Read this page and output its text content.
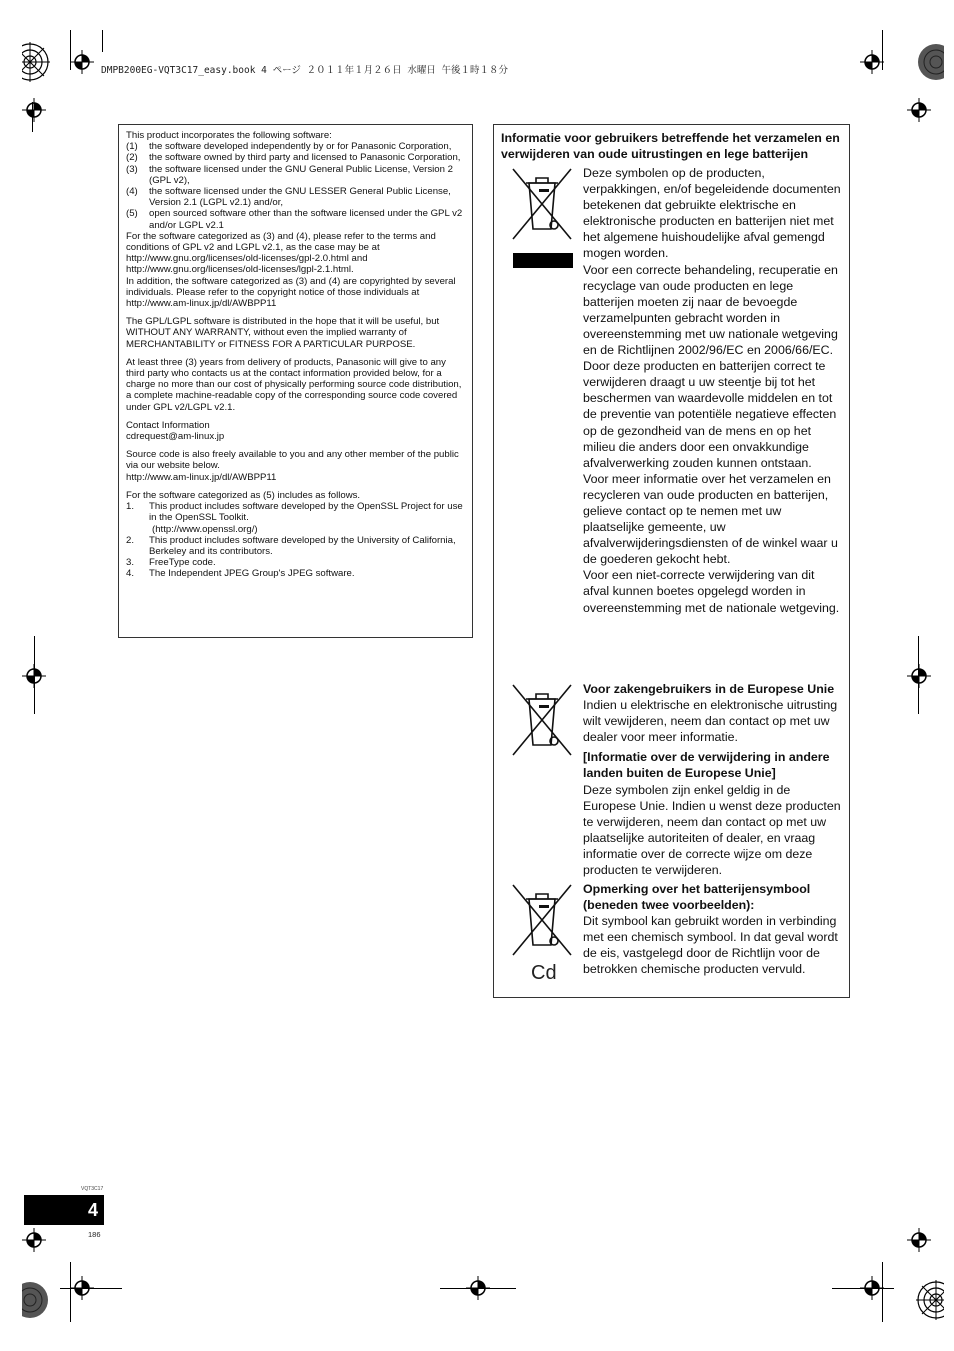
DMPB200EG-VQT3C17_easy.book 4 ページ ２０１１年１月２６日 水曜日 午後１時１８分

This product incorporates the following software:

(1)	the software developed independently by or for Panasonic Corporation,
(2)	the software owned by third party and licensed to Panasonic Corporation,
(3)	the software licensed under the GNU General Public License, Version 2 (GPL v2),
(4)	the software licensed under the GNU LESSER General Public License, Version 2.1 (LGPL v2.1) and/or,
(5)	open sourced software other than the software licensed under the GPL v2 and/or LGPL v2.1

For the software categorized as (3) and (4), please refer to the terms and conditions of GPL v2 and LGPL v2.1, as the case may be at http://www.gnu.org/licenses/old-licenses/gpl-2.0.html and http://www.gnu.org/licenses/old-licenses/lgpl-2.1.html.

In addition, the software categorized as (3) and (4) are copyrighted by several individuals. Please refer to the copyright notice of those individuals at

http://www.am-linux.jp/dl/AWBPP11

The GPL/LGPL software is distributed in the hope that it will be useful, but WITHOUT ANY WARRANTY, without even the implied warranty of MERCHANTABILITY or FITNESS FOR A PARTICULAR PURPOSE.

At least three (3) years from delivery of products, Panasonic will give to any third party who contacts us at the contact information provided below, for a charge no more than our cost of physically performing source code distribution, a complete machine-readable copy of the corresponding source code covered under GPL v2/LGPL v2.1.

Contact Information

cdrequest@am-linux.jp

Source code is also freely available to you and any other member of the public via our website below.

http://www.am-linux.jp/dl/AWBPP11

For the software categorized as (5) includes as follows.

1.	This product includes software developed by the OpenSSL Project for use in the OpenSSL Toolkit.
(http://www.openssl.org/)
2.	This product includes software developed by the University of California, Berkeley and its contributors.
3.	FreeType code.
4.	The Independent JPEG Group's JPEG software.

Informatie voor gebruikers betreffende het verzamelen en verwijderen van oude uitrustingen en lege batterijen

Deze symbolen op de producten, verpakkingen, en/of begeleidende documenten betekenen dat gebruikte elektrische en elektronische producten en batterijen niet met het algemene huishoudelijke afval gemengd mogen worden.

Voor een correcte behandeling, recuperatie en recyclage van oude producten en lege batterijen moeten zij naar de bevoegde verzamelpunten gebracht worden in overeenstemming met uw nationale wetgeving en de Richtlijnen 2002/96/EC en 2006/66/EC.

Door deze producten en batterijen correct te verwijderen draagt u uw steentje bij tot het beschermen van waardevolle middelen en tot de preventie van potentiële negatieve effecten op de gezondheid van de mens en op het milieu die anders door een onvakkundige afvalverwerking zouden kunnen ontstaan.

Voor meer informatie over het verzamelen en recycleren van oude producten en batterijen, gelieve contact op te nemen met uw plaatselijke gemeente, uw afvalverwijderingsdiensten of de winkel waar u de goederen gekocht hebt.

Voor een niet-correcte verwijdering van dit afval kunnen boetes opgelegd worden in overeenstemming met de nationale wetgeving.

Voor zakengebruikers in de Europese Unie

Indien u elektrische en elektronische uitrusting wilt vewijderen, neem dan contact op met uw dealer voor meer informatie.

[Informatie over de verwijdering in andere landen buiten de Europese Unie]

Deze symbolen zijn enkel geldig in de Europese Unie. Indien u wenst deze producten te verwijderen, neem dan contact op met uw plaatselijke autoriteiten of dealer, en vraag informatie over de correcte wijze om deze producten te verwijderen.

Cd

Opmerking over het batterijensymbool (beneden twee voorbeelden):

Dit symbool kan gebruikt worden in verbinding met een chemisch symbool. In dat geval wordt de eis, vastgelegd door de Richtlijn voor de betrokken chemische producten vervuld.

VQT3C17
4
186
